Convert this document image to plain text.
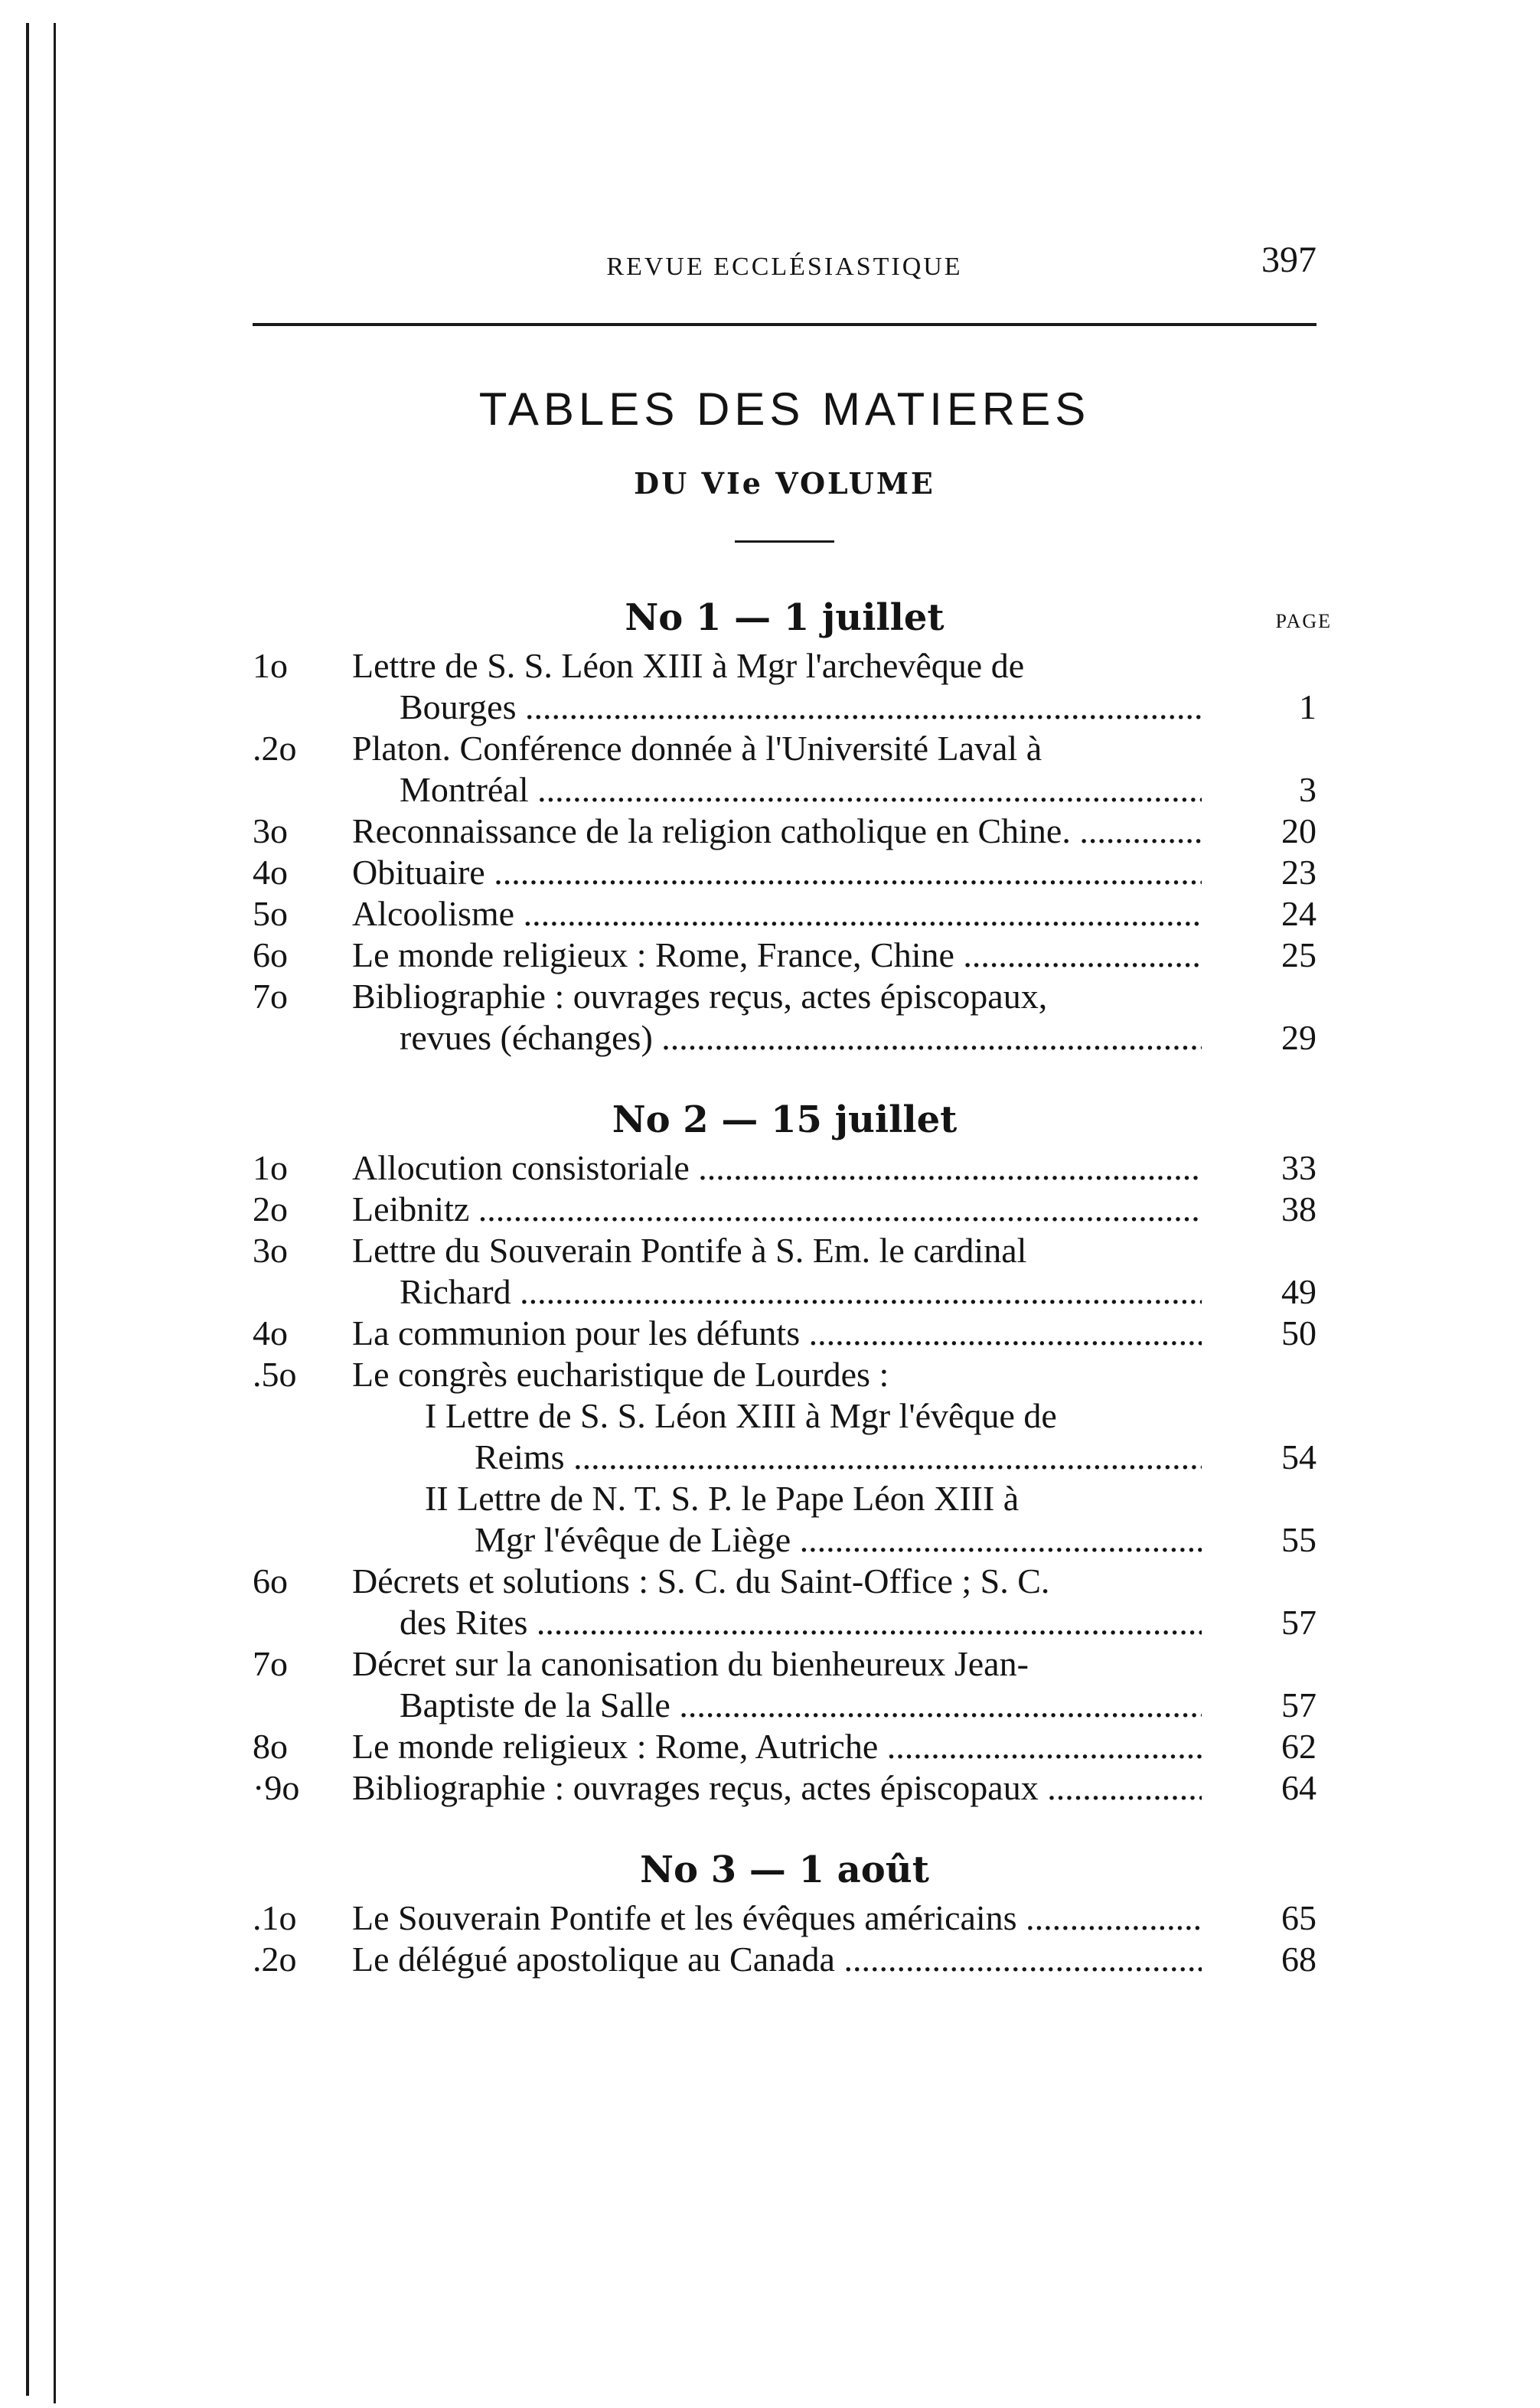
REVUE ECCLÉSIASTIQUE	397
TABLES DES MATIERES
DU VIe VOLUME
No 1 — 1 juillet	PAGE
1o Lettre de S. S. Léon XIII à Mgr l'archevêque de
Bourges .....	1
.2o Platon. Conférence donnée à l'Université Laval à
Montréal .....	3
3o Reconnaissance de la religion catholique en Chine. .....	20
4o Obituaire .....	23
5o Alcoolisme .....	24
6o Le monde religieux : Rome, France, Chine .....	25
7o Bibliographie : ouvrages reçus, actes épiscopaux,
revues (échanges) .....	29
No 2 — 15 juillet
1o Allocution consistoriale .....	33
2o Leibnitz .....	38
3o Lettre du Souverain Pontife à S. Em. le cardinal
Richard .....	49
4o La communion pour les défunts .....	50
.5o Le congrès eucharistique de Lourdes :
I Lettre de S. S. Léon XIII à Mgr l'évêque de
Reims .....	54
II Lettre de N. T. S. P. le Pape Léon XIII à
Mgr l'évêque de Liège .....	55
6o Décrets et solutions : S. C. du Saint-Office ; S. C.
des Rites .....	57
7o Décret sur la canonisation du bienheureux Jean-
Baptiste de la Salle .....	57
8o Le monde religieux : Rome, Autriche .....	62
·9o Bibliographie : ouvrages reçus, actes épiscopaux .....	64
No 3 — 1 août
.1o Le Souverain Pontife et les évêques américains .....	65
.2o Le délégué apostolique au Canada .....	68
